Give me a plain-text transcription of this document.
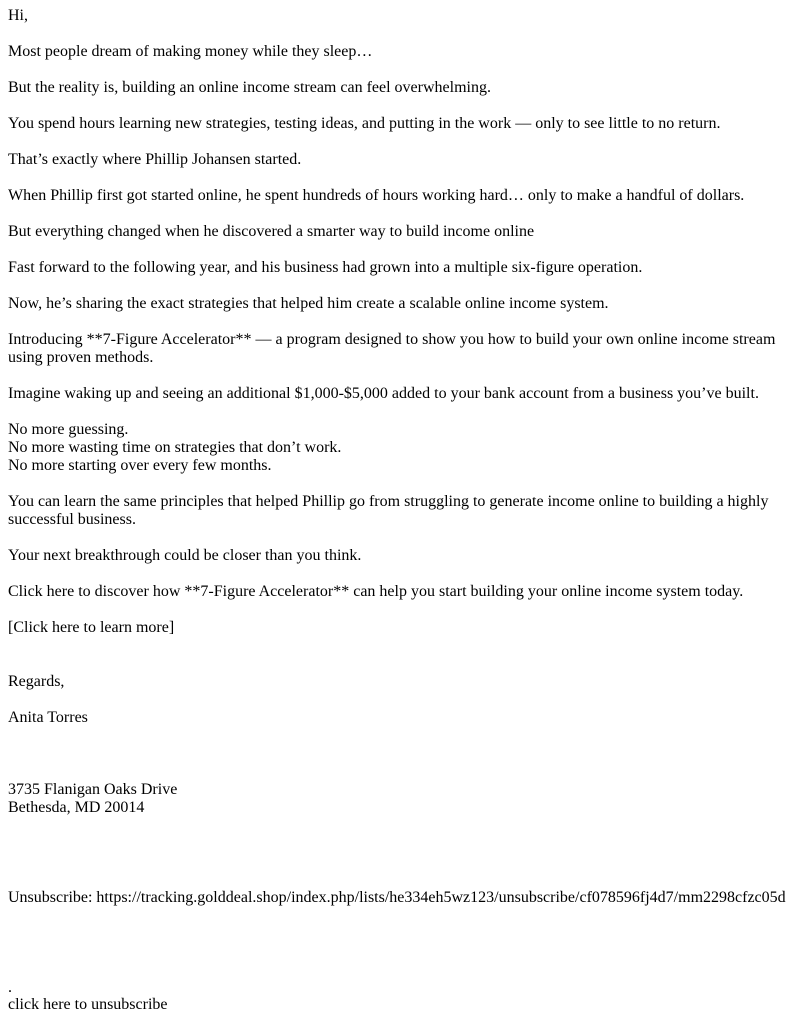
Hi,

Most people dream of making money while they sleep…

But the reality is, building an online income stream can feel overwhelming.

You spend hours learning new strategies, testing ideas, and putting in the work — only to see little to no return.

That’s exactly where Phillip Johansen started.

When Phillip first got started online, he spent hundreds of hours working hard… only to make a handful of dollars.

But everything changed when he discovered a smarter way to build income online

Fast forward to the following year, and his business had grown into a multiple six-figure operation.

Now, he’s sharing the exact strategies that helped him create a scalable online income system.

Introducing **7-Figure Accelerator** — a program designed to show you how to build your own online income stream using proven methods.

Imagine waking up and seeing an additional $1,000-$5,000 added to your bank account from a business you’ve built.

No more guessing.
No more wasting time on strategies that don’t work.
No more starting over every few months.

You can learn the same principles that helped Phillip go from struggling to generate income online to building a highly successful business.

Your next breakthrough could be closer than you think.

Click here to discover how **7-Figure Accelerator** can help you start building your online income system today.

[Click here to learn more]

Regards,

Anita Torres

3735 Flanigan Oaks Drive
Bethesda, MD 20014

Unsubscribe: https://tracking.golddeal.shop/index.php/lists/he334eh5wz123/unsubscribe/cf078596fj4d7/mm2298cfzc05d

.
click here to unsubscribe
